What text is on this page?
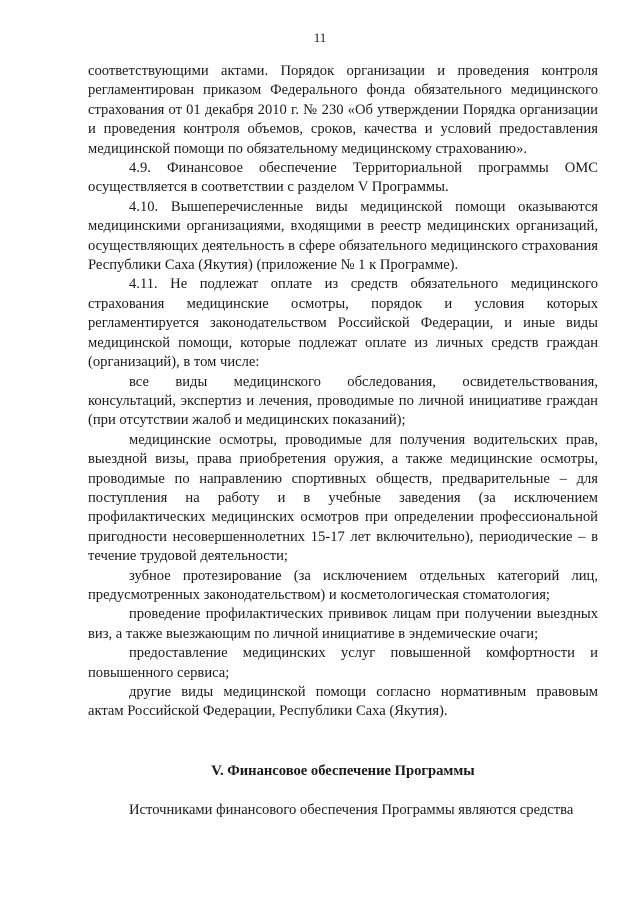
11

соответствующими актами. Порядок организации и проведения контроля регламентирован приказом Федерального фонда обязательного медицинского страхования от 01 декабря 2010 г. № 230 «Об утверждении Порядка организации и проведения контроля объемов, сроков, качества и условий предоставления медицинской помощи по обязательному медицинскому страхованию».

4.9. Финансовое обеспечение Территориальной программы ОМС осуществляется в соответствии с разделом V Программы.

4.10. Вышеперечисленные виды медицинской помощи оказываются медицинскими организациями, входящими в реестр медицинских организаций, осуществляющих деятельность в сфере обязательного медицинского страхования Республики Саха (Якутия) (приложение № 1 к Программе).

4.11. Не подлежат оплате из средств обязательного медицинского страхования медицинские осмотры, порядок и условия которых регламентируется законодательством Российской Федерации, и иные виды медицинской помощи, которые подлежат оплате из личных средств граждан (организаций), в том числе:

все виды медицинского обследования, освидетельствования, консультаций, экспертиз и лечения, проводимые по личной инициативе граждан (при отсутствии жалоб и медицинских показаний);

медицинские осмотры, проводимые для получения водительских прав, выездной визы, права приобретения оружия, а также медицинские осмотры, проводимые по направлению спортивных обществ, предварительные – для поступления на работу и в учебные заведения (за исключением профилактических медицинских осмотров при определении профессиональной пригодности несовершеннолетних 15-17 лет включительно), периодические – в течение трудовой деятельности;

зубное протезирование (за исключением отдельных категорий лиц, предусмотренных законодательством) и косметологическая стоматология;

проведение профилактических прививок лицам при получении выездных виз, а также выезжающим по личной инициативе в эндемические очаги;

предоставление медицинских услуг повышенной комфортности и повышенного сервиса;

другие виды медицинской помощи согласно нормативным правовым актам Российской Федерации, Республики Саха (Якутия).

V. Финансовое обеспечение Программы

Источниками финансового обеспечения Программы являются средства
